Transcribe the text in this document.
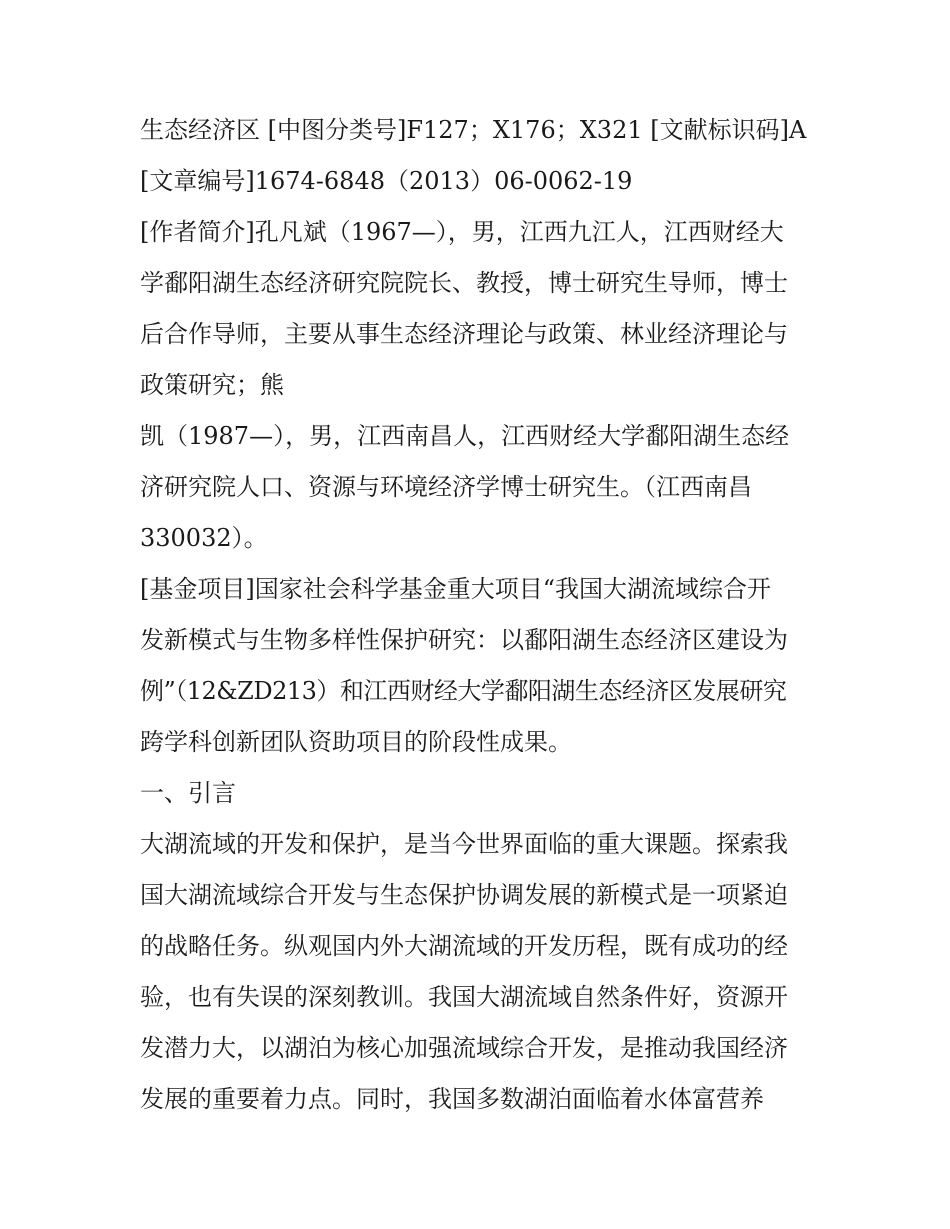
生态经济区 [中图分类号]F127；X176；X321 [文献标识码]A
[文章编号]1674-6848（2013）06-0062-19
[作者简介]孔凡斌（1967—），男，江西九江人，江西财经大
学鄱阳湖生态经济研究院院长、教授，博士研究生导师，博士
后合作导师，主要从事生态经济理论与政策、林业经济理论与
政策研究；熊
凯（1987—），男，江西南昌人，江西财经大学鄱阳湖生态经
济研究院人口、资源与环境经济学博士研究生。（江西南昌
330032）。
[基金项目]国家社会科学基金重大项目“我国大湖流域综合开
发新模式与生物多样性保护研究：以鄱阳湖生态经济区建设为
例”（12&ZD213）和江西财经大学鄱阳湖生态经济区发展研究
跨学科创新团队资助项目的阶段性成果。
一、引言
大湖流域的开发和保护，是当今世界面临的重大课题。探索我
国大湖流域综合开发与生态保护协调发展的新模式是一项紧迫
的战略任务。纵观国内外大湖流域的开发历程，既有成功的经
验，也有失误的深刻教训。我国大湖流域自然条件好，资源开
发潜力大，以湖泊为核心加强流域综合开发，是推动我国经济
发展的重要着力点。同时，我国多数湖泊面临着水体富营养
